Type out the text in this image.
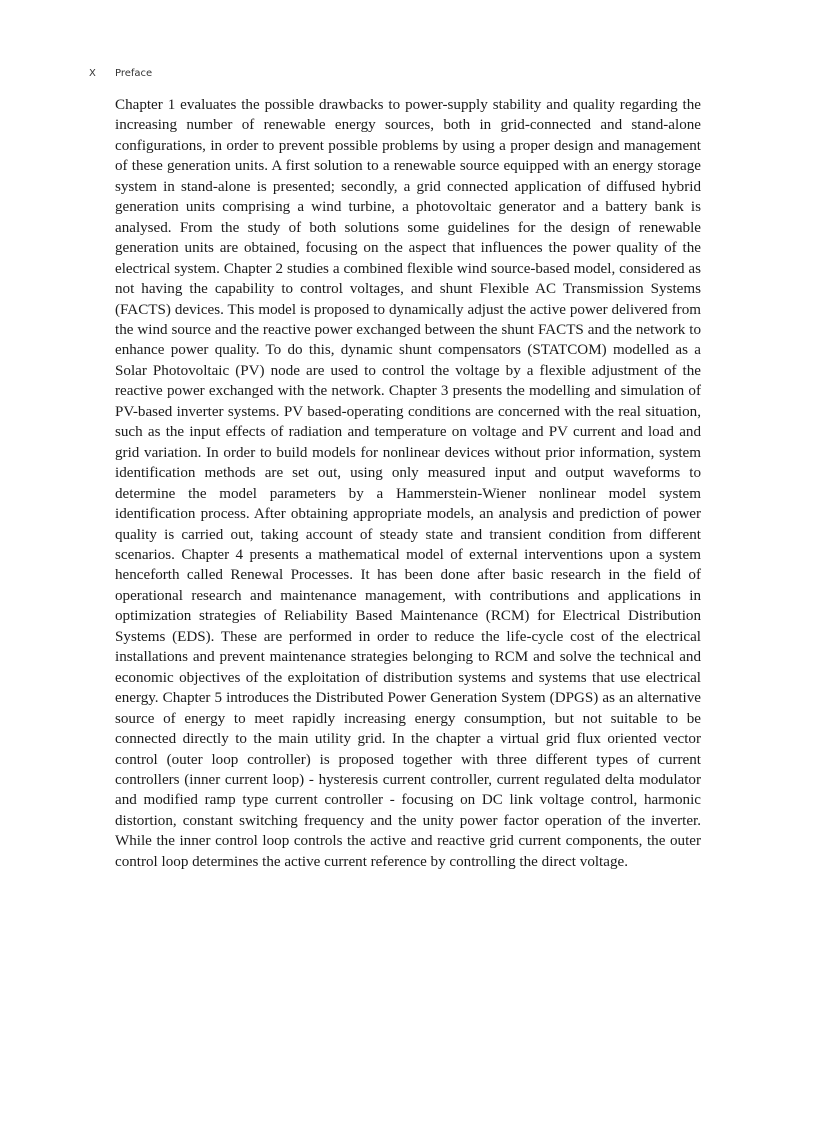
X Preface

Chapter 1 evaluates the possible drawbacks to power-supply stability and quality regarding the increasing number of renewable energy sources, both in grid-connected and stand-alone configurations, in order to prevent possible problems by using a proper design and management of these generation units. A first solution to a renewable source equipped with an energy storage system in stand-alone is presented; secondly, a grid connected application of diffused hybrid generation units comprising a wind turbine, a photovoltaic generator and a battery bank is analysed. From the study of both solutions some guidelines for the design of renewable generation units are obtained, focusing on the aspect that influences the power quality of the electrical system. Chapter 2 studies a combined flexible wind source-based model, considered as not having the capability to control voltages, and shunt Flexible AC Transmission Systems (FACTS) devices. This model is proposed to dynamically adjust the active power delivered from the wind source and the reactive power exchanged between the shunt FACTS and the network to enhance power quality. To do this, dynamic shunt compensators (STATCOM) modelled as a Solar Photovoltaic (PV) node are used to control the voltage by a flexible adjustment of the reactive power exchanged with the network. Chapter 3 presents the modelling and simulation of PV-based inverter systems. PV based-operating conditions are concerned with the real situation, such as the input effects of radiation and temperature on voltage and PV current and load and grid variation. In order to build models for nonlinear devices without prior information, system identification methods are set out, using only measured input and output waveforms to determine the model parameters by a Hammerstein-Wiener nonlinear model system identification process. After obtaining appropriate models, an analysis and prediction of power quality is carried out, taking account of steady state and transient condition from different scenarios. Chapter 4 presents a mathematical model of external interventions upon a system henceforth called Renewal Processes. It has been done after basic research in the field of operational research and maintenance management, with contributions and applications in optimization strategies of Reliability Based Maintenance (RCM) for Electrical Distribution Systems (EDS). These are performed in order to reduce the life-cycle cost of the electrical installations and prevent maintenance strategies belonging to RCM and solve the technical and economic objectives of the exploitation of distribution systems and systems that use electrical energy. Chapter 5 introduces the Distributed Power Generation System (DPGS) as an alternative source of energy to meet rapidly increasing energy consumption, but not suitable to be connected directly to the main utility grid. In the chapter a virtual grid flux oriented vector control (outer loop controller) is proposed together with three different types of current controllers (inner current loop) - hysteresis current controller, current regulated delta modulator and modified ramp type current controller - focusing on DC link voltage control, harmonic distortion, constant switching frequency and the unity power factor operation of the inverter. While the inner control loop controls the active and reactive grid current components, the outer control loop determines the active current reference by controlling the direct voltage.
